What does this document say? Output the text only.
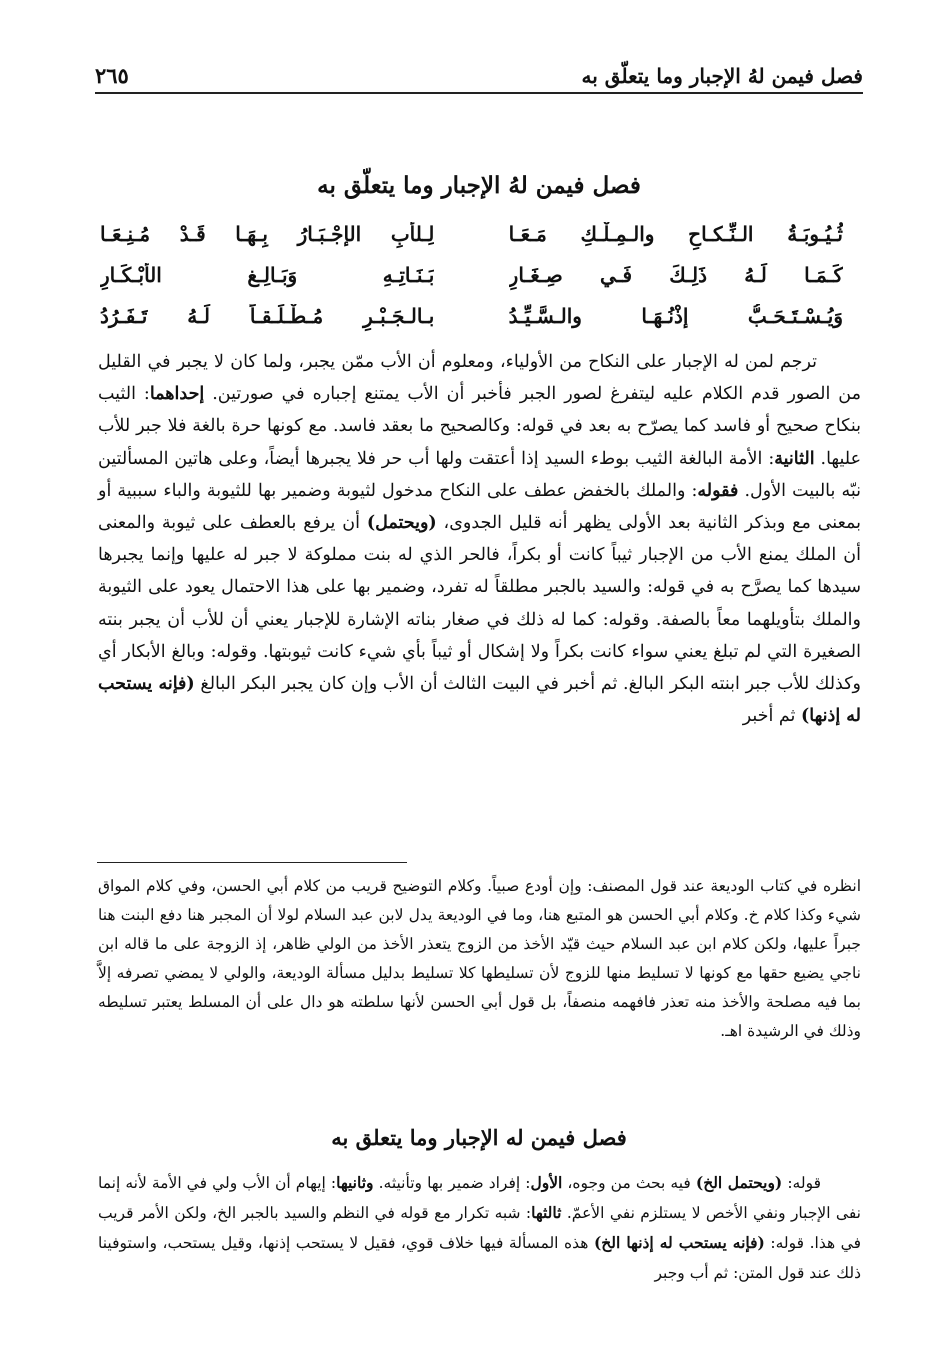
فصل فيمن لهُ الإجبار وما يتعلّق به
٢٦٥
فصل فيمن لهُ الإجبار وما يتعلّق به
ثُـيُـوبَـةُ الـنِّـكـاحِ والـمِـلْـكِ مَـعَـا
لِـلأبِ الإجْـبَـارُ بِـهَـا قَـدْ مُـنِـعَـا
كَـمَـا لَـهُ ذَلِـكَ فَـي صِـغَـارِ
بَـنَـاتِـهِ وَبَـالِـغ الأبْـكَـارِ
وَيُـسْـتَـحَـبُّ إذْنُـهَـا والـسَّـيِّـدُ
بـالـجَـبْـرِ مُـطْـلَـقـاً لَـهُ تَـفَـرُدُ

ترجم لمن له الإجبار على النكاح من الأولياء، ومعلوم أن الأب ممّن يجبر، ولما كان لا يجبر في القليل من الصور قدم الكلام عليه ليتفرغ لصور الجبر فأخبر أن الأب يمتنع إجباره في صورتين. إحداهما: الثيب بنكاح صحيح أو فاسد كما يصرّح به بعد في قوله: وكالصحيح ما بعقد فاسد. مع كونها حرة بالغة فلا جبر للأب عليها. الثانية: الأمة البالغة الثيب بوطء السيد إذا أعتقت ولها أب حر فلا يجبرها أيضاً، وعلى هاتين المسألتين نبّه بالبيت الأول. فقوله: والملك بالخفض عطف على النكاح مدخول لثيوبة وضمير بها للثيوبة والباء سببية أو بمعنى مع وبذكر الثانية بعد الأولى يظهر أنه قليل الجدوى، (ويحتمل) أن يرفع بالعطف على ثيوبة والمعنى أن الملك يمنع الأب من الإجبار ثيباً كانت أو بكراً، فالحر الذي له بنت مملوكة لا جبر له عليها وإنما يجبرها سيدها كما يصرَّح به في قوله: والسيد بالجبر مطلقاً له تفرد، وضمير بها على هذا الاحتمال يعود على الثيوبة والملك بتأويلهما معاً بالصفة. وقوله: كما له ذلك في صغار بناته الإشارة للإجبار يعني أن للأب أن يجبر بنته الصغيرة التي لم تبلغ يعني سواء كانت بكراً ولا إشكال أو ثيباً بأي شيء كانت ثيوبتها. وقوله: وبالغ الأبكار أي وكذلك للأب جبر ابنته البكر البالغ. ثم أخبر في البيت الثالث أن الأب وإن كان يجبر البكر البالغ (فإنه يستحب له إذنها) ثم أخبر

انظره في كتاب الوديعة عند قول المصنف: وإن أودع صبياً. وكلام التوضيح قريب من كلام أبي الحسن، وفي كلام المواق شيء وكذا كلام خ. وكلام أبي الحسن هو المتبع هنا، وما في الوديعة يدل لابن عبد السلام لولا أن المجبر هنا دفع البنت هنا جبراً عليها، ولكن كلام ابن عبد السلام حيث قيّد الأخذ من الزوج يتعذر الأخذ من الولي ظاهر، إذ الزوجة على ما قاله ابن ناجي يضيع حقها مع كونها لا تسليط منها للزوج لأن تسليطها كلا تسليط بدليل مسألة الوديعة، والولي لا يمضي تصرفه إلاَّ بما فيه مصلحة والأخذ منه تعذر فافهمه منصفاً، بل قول أبي الحسن لأنها سلطته هو دال على أن المسلط يعتبر تسليطه وذلك في الرشيدة اهـ.

فصل فيمن له الإجبار وما يتعلق به

قوله: (ويحتمل الخ) فيه بحث من وجوه، الأول: إفراد ضمير بها وتأنيثه. وثانيها: إيهام أن الأب ولي في الأمة لأنه إنما نفى الإجبار ونفي الأخص لا يستلزم نفي الأعمّ. ثالثها: شبه تكرار مع قوله في النظم والسيد بالجبر الخ، ولكن الأمر قريب في هذا. قوله: (فإنه يستحب له إذنها الخ) هذه المسألة فيها خلاف قوي، فقيل لا يستحب إذنها، وقيل يستحب، واستوفينا ذلك عند قول المتن: ثم أب وجبر
